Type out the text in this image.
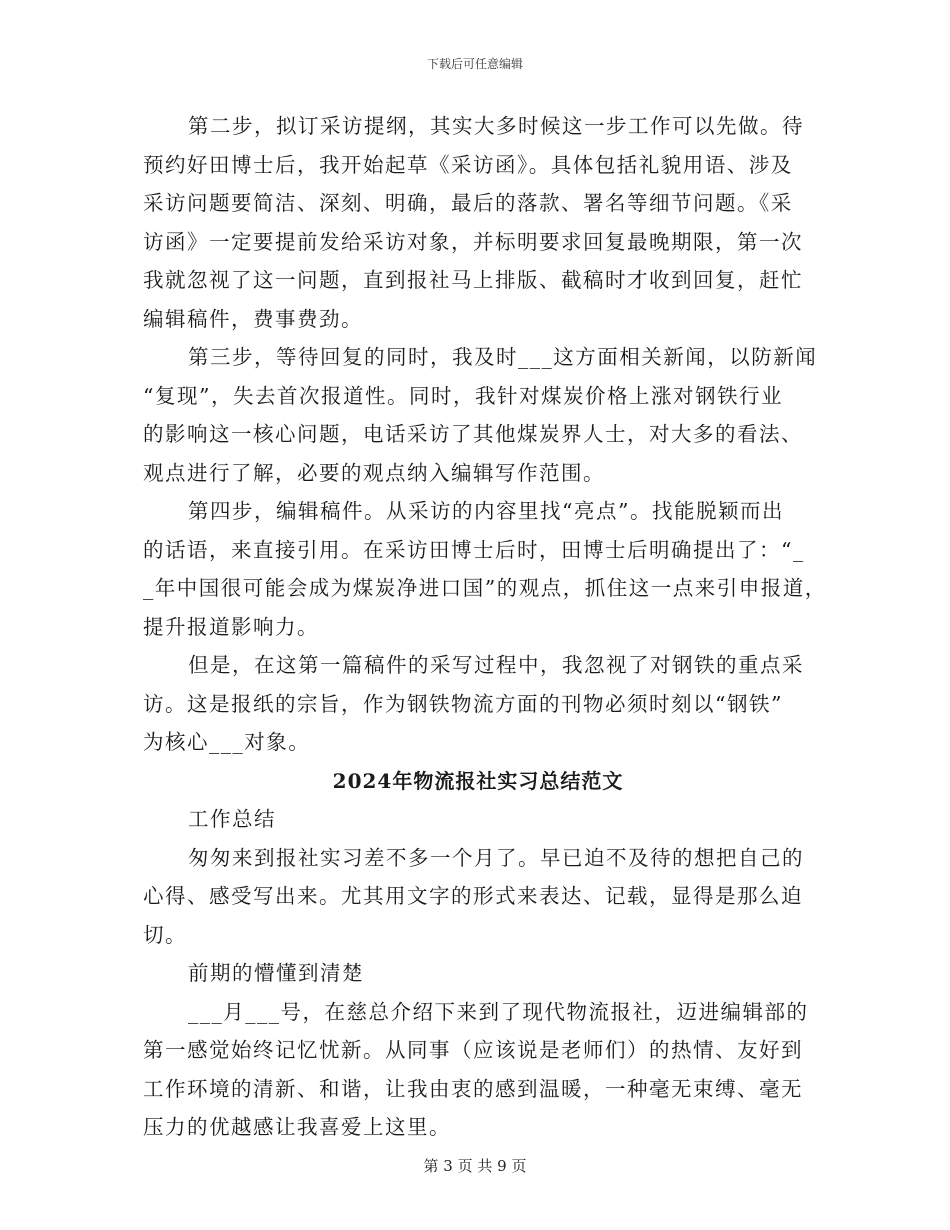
下载后可任意编辑
第二步，拟订采访提纲，其实大多时候这一步工作可以先做。待
预约好田博士后，我开始起草《采访函》。具体包括礼貌用语、涉及
采访问题要简洁、深刻、明确，最后的落款、署名等细节问题。《采
访函》一定要提前发给采访对象，并标明要求回复最晚期限，第一次
我就忽视了这一问题，直到报社马上排版、截稿时才收到回复，赶忙
编辑稿件，费事费劲。
第三步，等待回复的同时，我及时___这方面相关新闻，以防新闻
“复现”，失去首次报道性。同时，我针对煤炭价格上涨对钢铁行业
的影响这一核心问题，电话采访了其他煤炭界人士，对大多的看法、
观点进行了解，必要的观点纳入编辑写作范围。
第四步，编辑稿件。从采访的内容里找“亮点”。找能脱颖而出
的话语，来直接引用。在采访田博士后时，田博士后明确提出了：“_
_年中国很可能会成为煤炭净进口国”的观点，抓住这一点来引申报道，
提升报道影响力。
但是，在这第一篇稿件的采写过程中，我忽视了对钢铁的重点采
访。这是报纸的宗旨，作为钢铁物流方面的刊物必须时刻以“钢铁”
为核心___对象。
2024年物流报社实习总结范文
工作总结
匆匆来到报社实习差不多一个月了。早已迫不及待的想把自己的
心得、感受写出来。尤其用文字的形式来表达、记载，显得是那么迫
切。
前期的懵懂到清楚
___月___号，在慈总介绍下来到了现代物流报社，迈进编辑部的
第一感觉始终记忆忧新。从同事（应该说是老师们）的热情、友好到
工作环境的清新、和谐，让我由衷的感到温暖，一种毫无束缚、毫无
压力的优越感让我喜爱上这里。
第 3 页 共 9 页
